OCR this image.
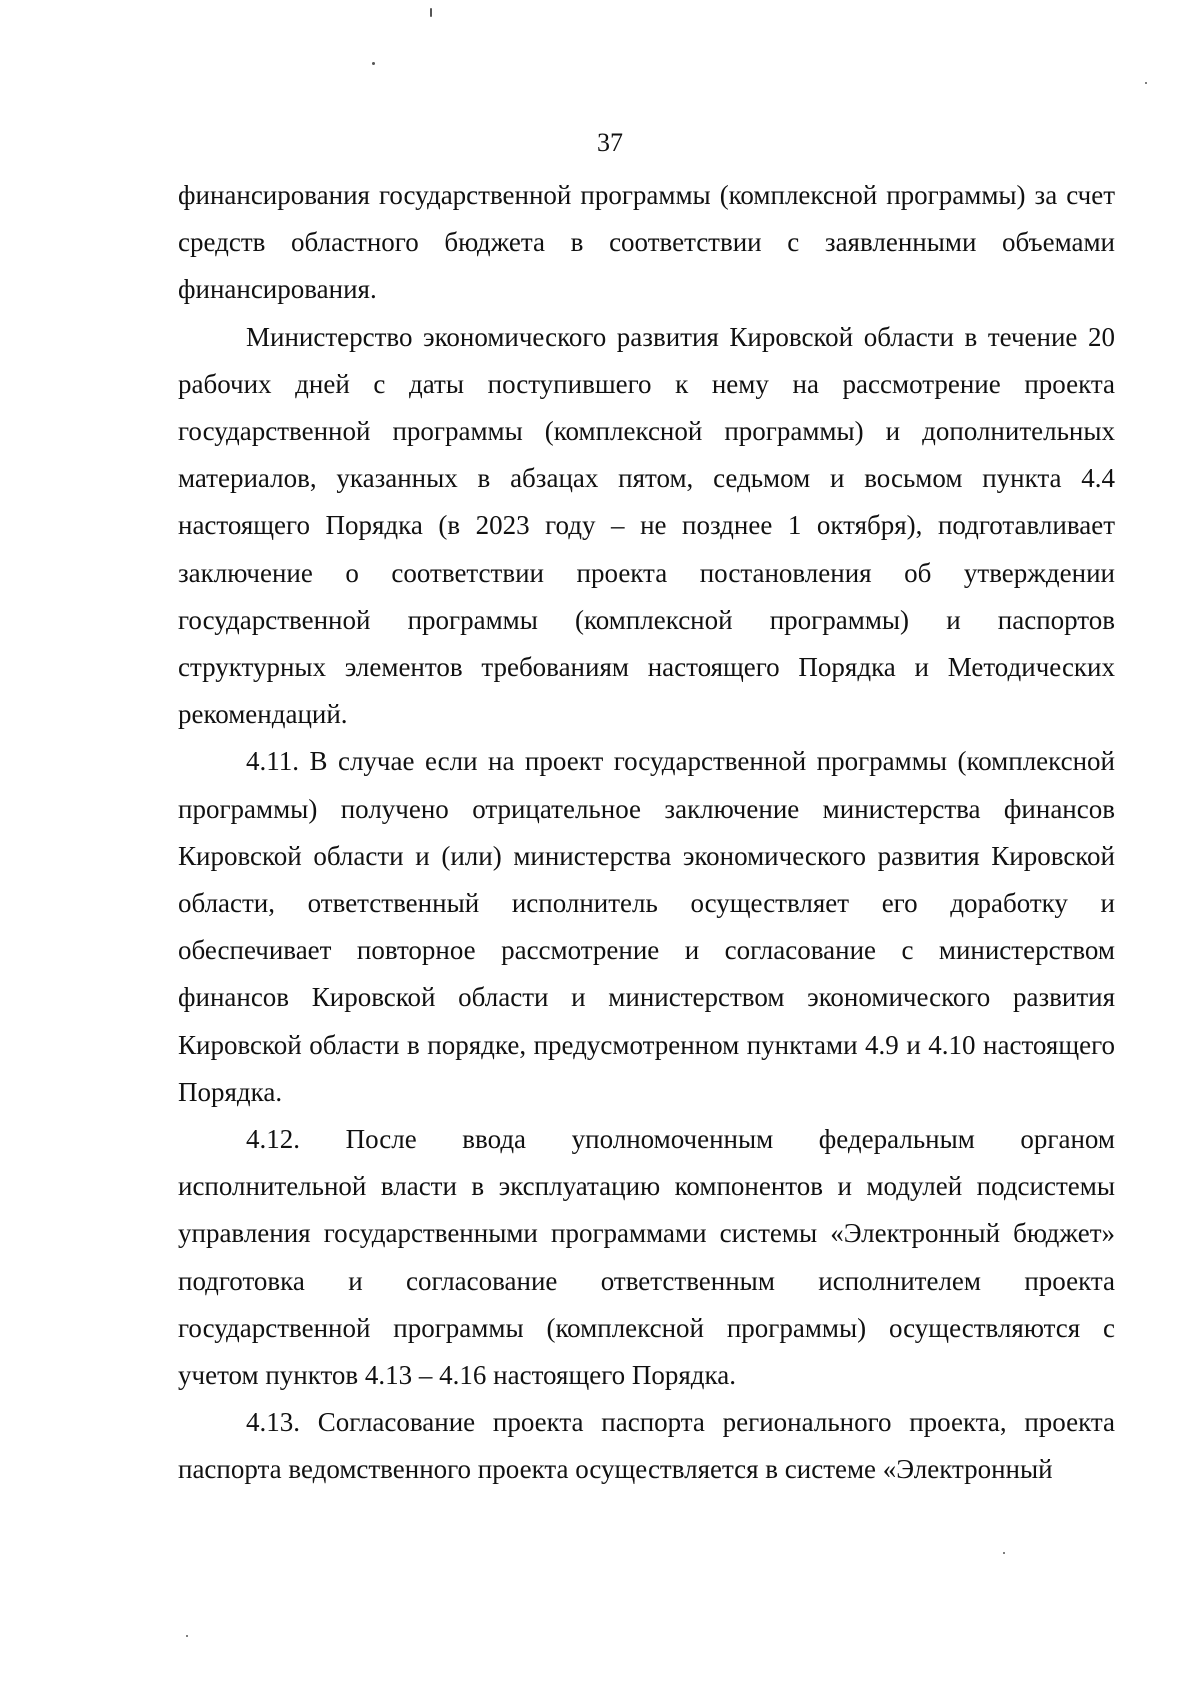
37

финансирования государственной программы (комплексной программы) за счет средств областного бюджета в соответствии с заявленными объемами финансирования.

Министерство экономического развития Кировской области в течение 20 рабочих дней с даты поступившего к нему на рассмотрение проекта государственной программы (комплексной программы) и дополнительных материалов, указанных в абзацах пятом, седьмом и восьмом пункта 4.4 настоящего Порядка (в 2023 году – не позднее 1 октября), подготавливает заключение о соответствии проекта постановления об утверждении государственной программы (комплексной программы) и паспортов структурных элементов требованиям настоящего Порядка и Методических рекомендаций.

4.11. В случае если на проект государственной программы (комплексной программы) получено отрицательное заключение министерства финансов Кировской области и (или) министерства экономического развития Кировской области, ответственный исполнитель осуществляет его доработку и обеспечивает повторное рассмотрение и согласование с министерством финансов Кировской области и министерством экономического развития Кировской области в порядке, предусмотренном пунктами 4.9 и 4.10 настоящего Порядка.

4.12. После ввода уполномоченным федеральным органом исполнительной власти в эксплуатацию компонентов и модулей подсистемы управления государственными программами системы «Электронный бюджет» подготовка и согласование ответственным исполнителем проекта государственной программы (комплексной программы) осуществляются с учетом пунктов 4.13 – 4.16 настоящего Порядка.

4.13. Согласование проекта паспорта регионального проекта, проекта паспорта ведомственного проекта осуществляется в системе «Электронный
